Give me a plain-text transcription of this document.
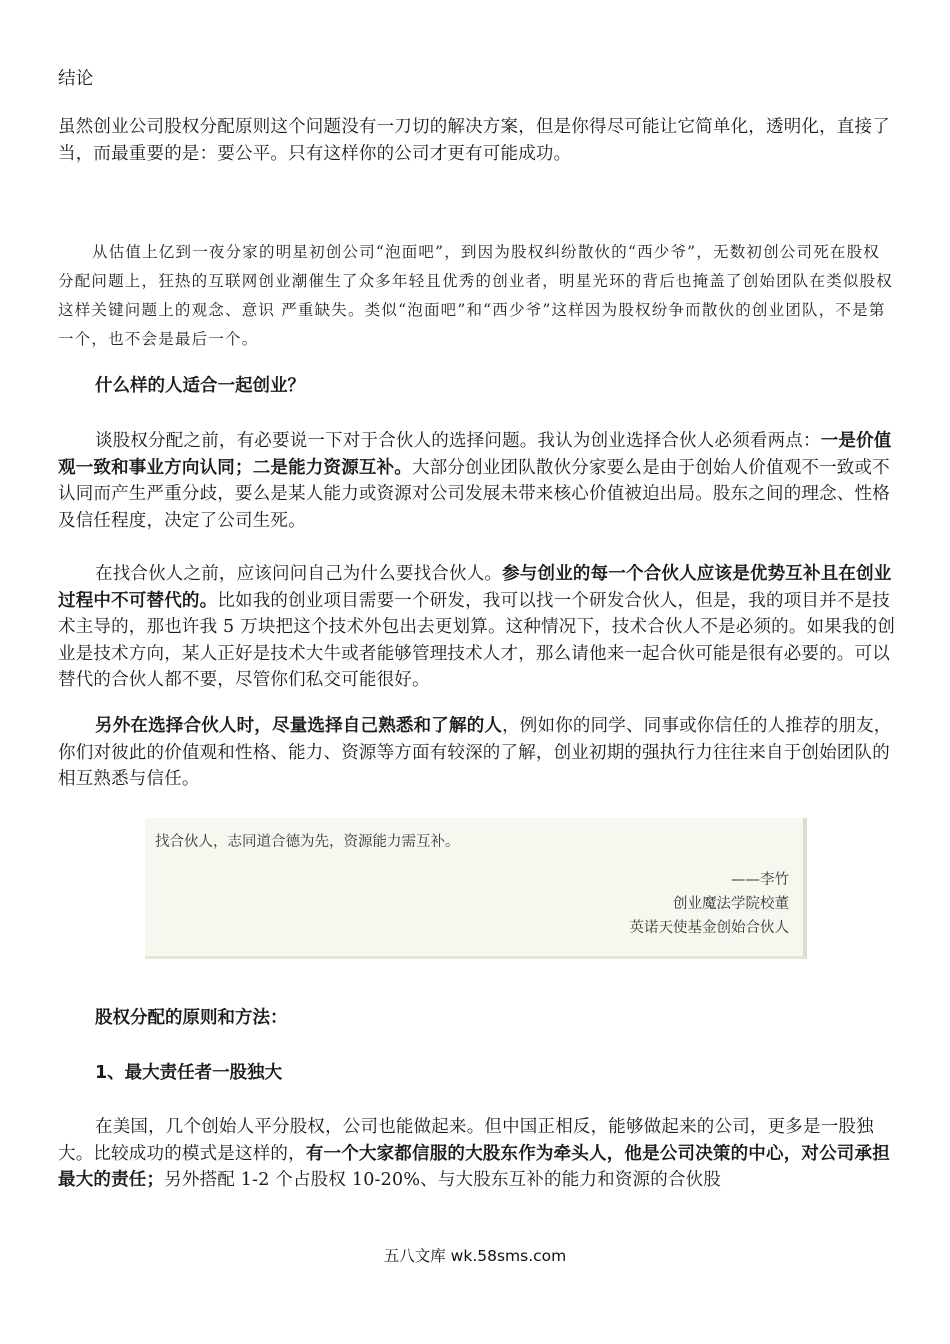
结论

虽然创业公司股权分配原则这个问题没有一刀切的解决方案，但是你得尽可能让它简单化，透明化，直接了当，而最重要的是：要公平。只有这样你的公司才更有可能成功。

从估值上亿到一夜分家的明星初创公司“泡面吧”，到因为股权纠纷散伙的“西少爷”，无数初创公司死在股权分配问题上，狂热的互联网创业潮催生了众多年轻且优秀的创业者，明星光环的背后也掩盖了创始团队在类似股权这样关键问题上的观念、意识 严重缺失。类似“泡面吧”和“西少爷”这样因为股权纷争而散伙的创业团队，不是第一个，也不会是最后一个。

什么样的人适合一起创业？

谈股权分配之前，有必要说一下对于合伙人的选择问题。我认为创业选择合伙人必须看两点：一是价值观一致和事业方向认同；二是能力资源互补。大部分创业团队散伙分家要么是由于创始人价值观不一致或不认同而产生严重分歧，要么是某人能力或资源对公司发展未带来核心价值被迫出局。股东之间的理念、性格及信任程度，决定了公司生死。

在找合伙人之前，应该问问自己为什么要找合伙人。参与创业的每一个合伙人应该是优势互补且在创业过程中不可替代的。比如我的创业项目需要一个研发，我可以找一个研发合伙人，但是，我的项目并不是技术主导的，那也许我 5 万块把这个技术外包出去更划算。这种情况下，技术合伙人不是必须的。如果我的创业是技术方向，某人正好是技术大牛或者能够管理技术人才，那么请他来一起合伙可能是很有必要的。可以替代的合伙人都不要，尽管你们私交可能很好。

另外在选择合伙人时，尽量选择自己熟悉和了解的人，例如你的同学、同事或你信任的人推荐的朋友，你们对彼此的价值观和性格、能力、资源等方面有较深的了解，创业初期的强执行力往往来自于创始团队的相互熟悉与信任。

找合伙人，志同道合德为先，资源能力需互补。
——李竹
创业魔法学院校董
英诺天使基金创始合伙人

股权分配的原则和方法：

1、最大责任者一股独大

在美国，几个创始人平分股权，公司也能做起来。但中国正相反，能够做起来的公司，更多是一股独大。比较成功的模式是这样的，有一个大家都信服的大股东作为牵头人，他是公司决策的中心，对公司承担最大的责任；另外搭配 1-2 个占股权 10-20%、与大股东互补的能力和资源的合伙股

五八文库 wk.58sms.com
